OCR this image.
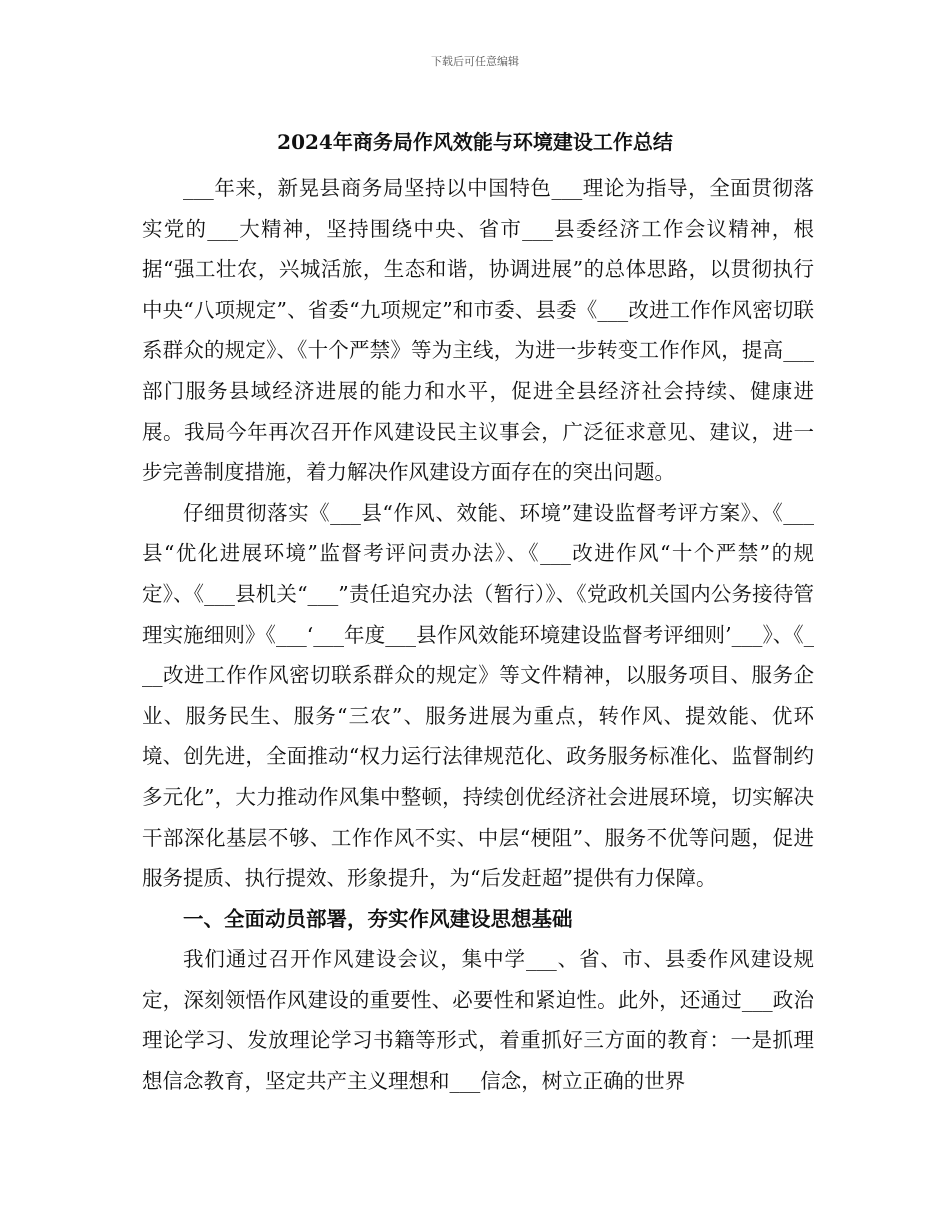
下载后可任意编辑
2024年商务局作风效能与环境建设工作总结

___年来，新晃县商务局坚持以中国特色___理论为指导，全面贯彻落实党的___大精神，坚持围绕中央、省市___县委经济工作会议精神，根据“强工壮农，兴城活旅，生态和谐，协调进展”的总体思路，以贯彻执行中央“八项规定”、省委“九项规定”和市委、县委《___改进工作作风密切联系群众的规定》、《十个严禁》等为主线，为进一步转变工作作风，提高___部门服务县域经济进展的能力和水平，促进全县经济社会持续、健康进展。我局今年再次召开作风建设民主议事会，广泛征求意见、建议，进一步完善制度措施，着力解决作风建设方面存在的突出问题。

仔细贯彻落实《___县“作风、效能、环境”建设监督考评方案》、《___县“优化进展环境”监督考评问责办法》、《___改进作风“十个严禁”的规定》、《___县机关“___”责任追究办法（暂行）》、《党政机关国内公务接待管理实施细则》《___‘___年度___县作风效能环境建设监督考评细则’___》、《___改进工作作风密切联系群众的规定》等文件精神，以服务项目、服务企业、服务民生、服务“三农”、服务进展为重点，转作风、提效能、优环境、创先进，全面推动“权力运行法律规范化、政务服务标准化、监督制约多元化”，大力推动作风集中整顿，持续创优经济社会进展环境，切实解决干部深化基层不够、工作作风不实、中层“梗阻”、服务不优等问题，促进服务提质、执行提效、形象提升，为“后发赶超”提供有力保障。

一、全面动员部署，夯实作风建设思想基础

我们通过召开作风建设会议，集中学___、省、市、县委作风建设规定，深刻领悟作风建设的重要性、必要性和紧迫性。此外，还通过___政治理论学习、发放理论学习书籍等形式，着重抓好三方面的教育：一是抓理想信念教育，坚定共产主义理想和___信念，树立正确的世界
